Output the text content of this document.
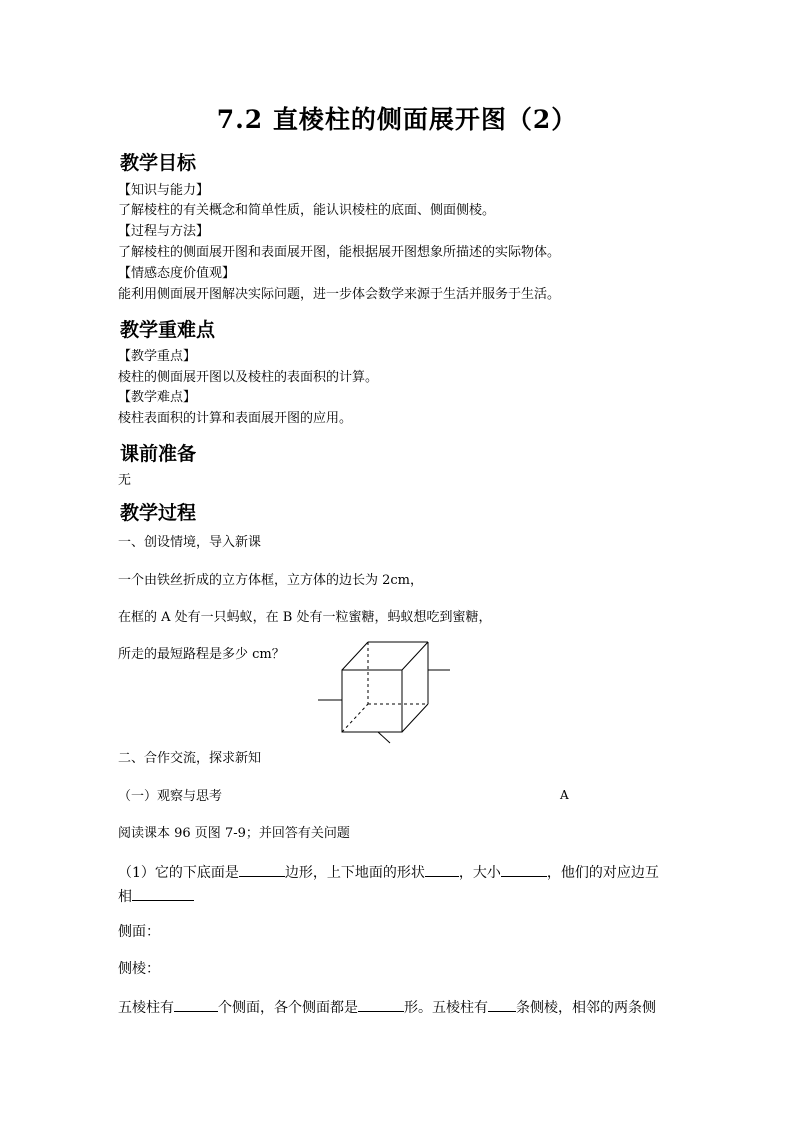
7.2 直棱柱的侧面展开图（2）
教学目标
【知识与能力】
了解棱柱的有关概念和简单性质，能认识棱柱的底面、侧面侧棱。
【过程与方法】
了解棱柱的侧面展开图和表面展开图，能根据展开图想象所描述的实际物体。
【情感态度价值观】
能利用侧面展开图解决实际问题，进一步体会数学来源于生活并服务于生活。
教学重难点
【教学重点】
棱柱的侧面展开图以及棱柱的表面积的计算。
【教学难点】
棱柱表面积的计算和表面展开图的应用。
课前准备
无
教学过程
一、创设情境，导入新课
一个由铁丝折成的立方体框，立方体的边长为 2cm，
在框的 A 处有一只蚂蚁，在 B 处有一粒蜜糖，蚂蚁想吃到蜜糖，
所走的最短路程是多少 cm？
二、合作交流，探求新知
（一）观察与思考	A
阅读课本 96 页图 7-9；并回答有关问题
（1）它的下底面是	边形，上下地面的形状 ，大小	，他们的对应边互
相
侧面：
侧棱：
五棱柱有	个侧面，各个侧面都是	形。五棱柱有 条侧棱，相邻的两条侧
